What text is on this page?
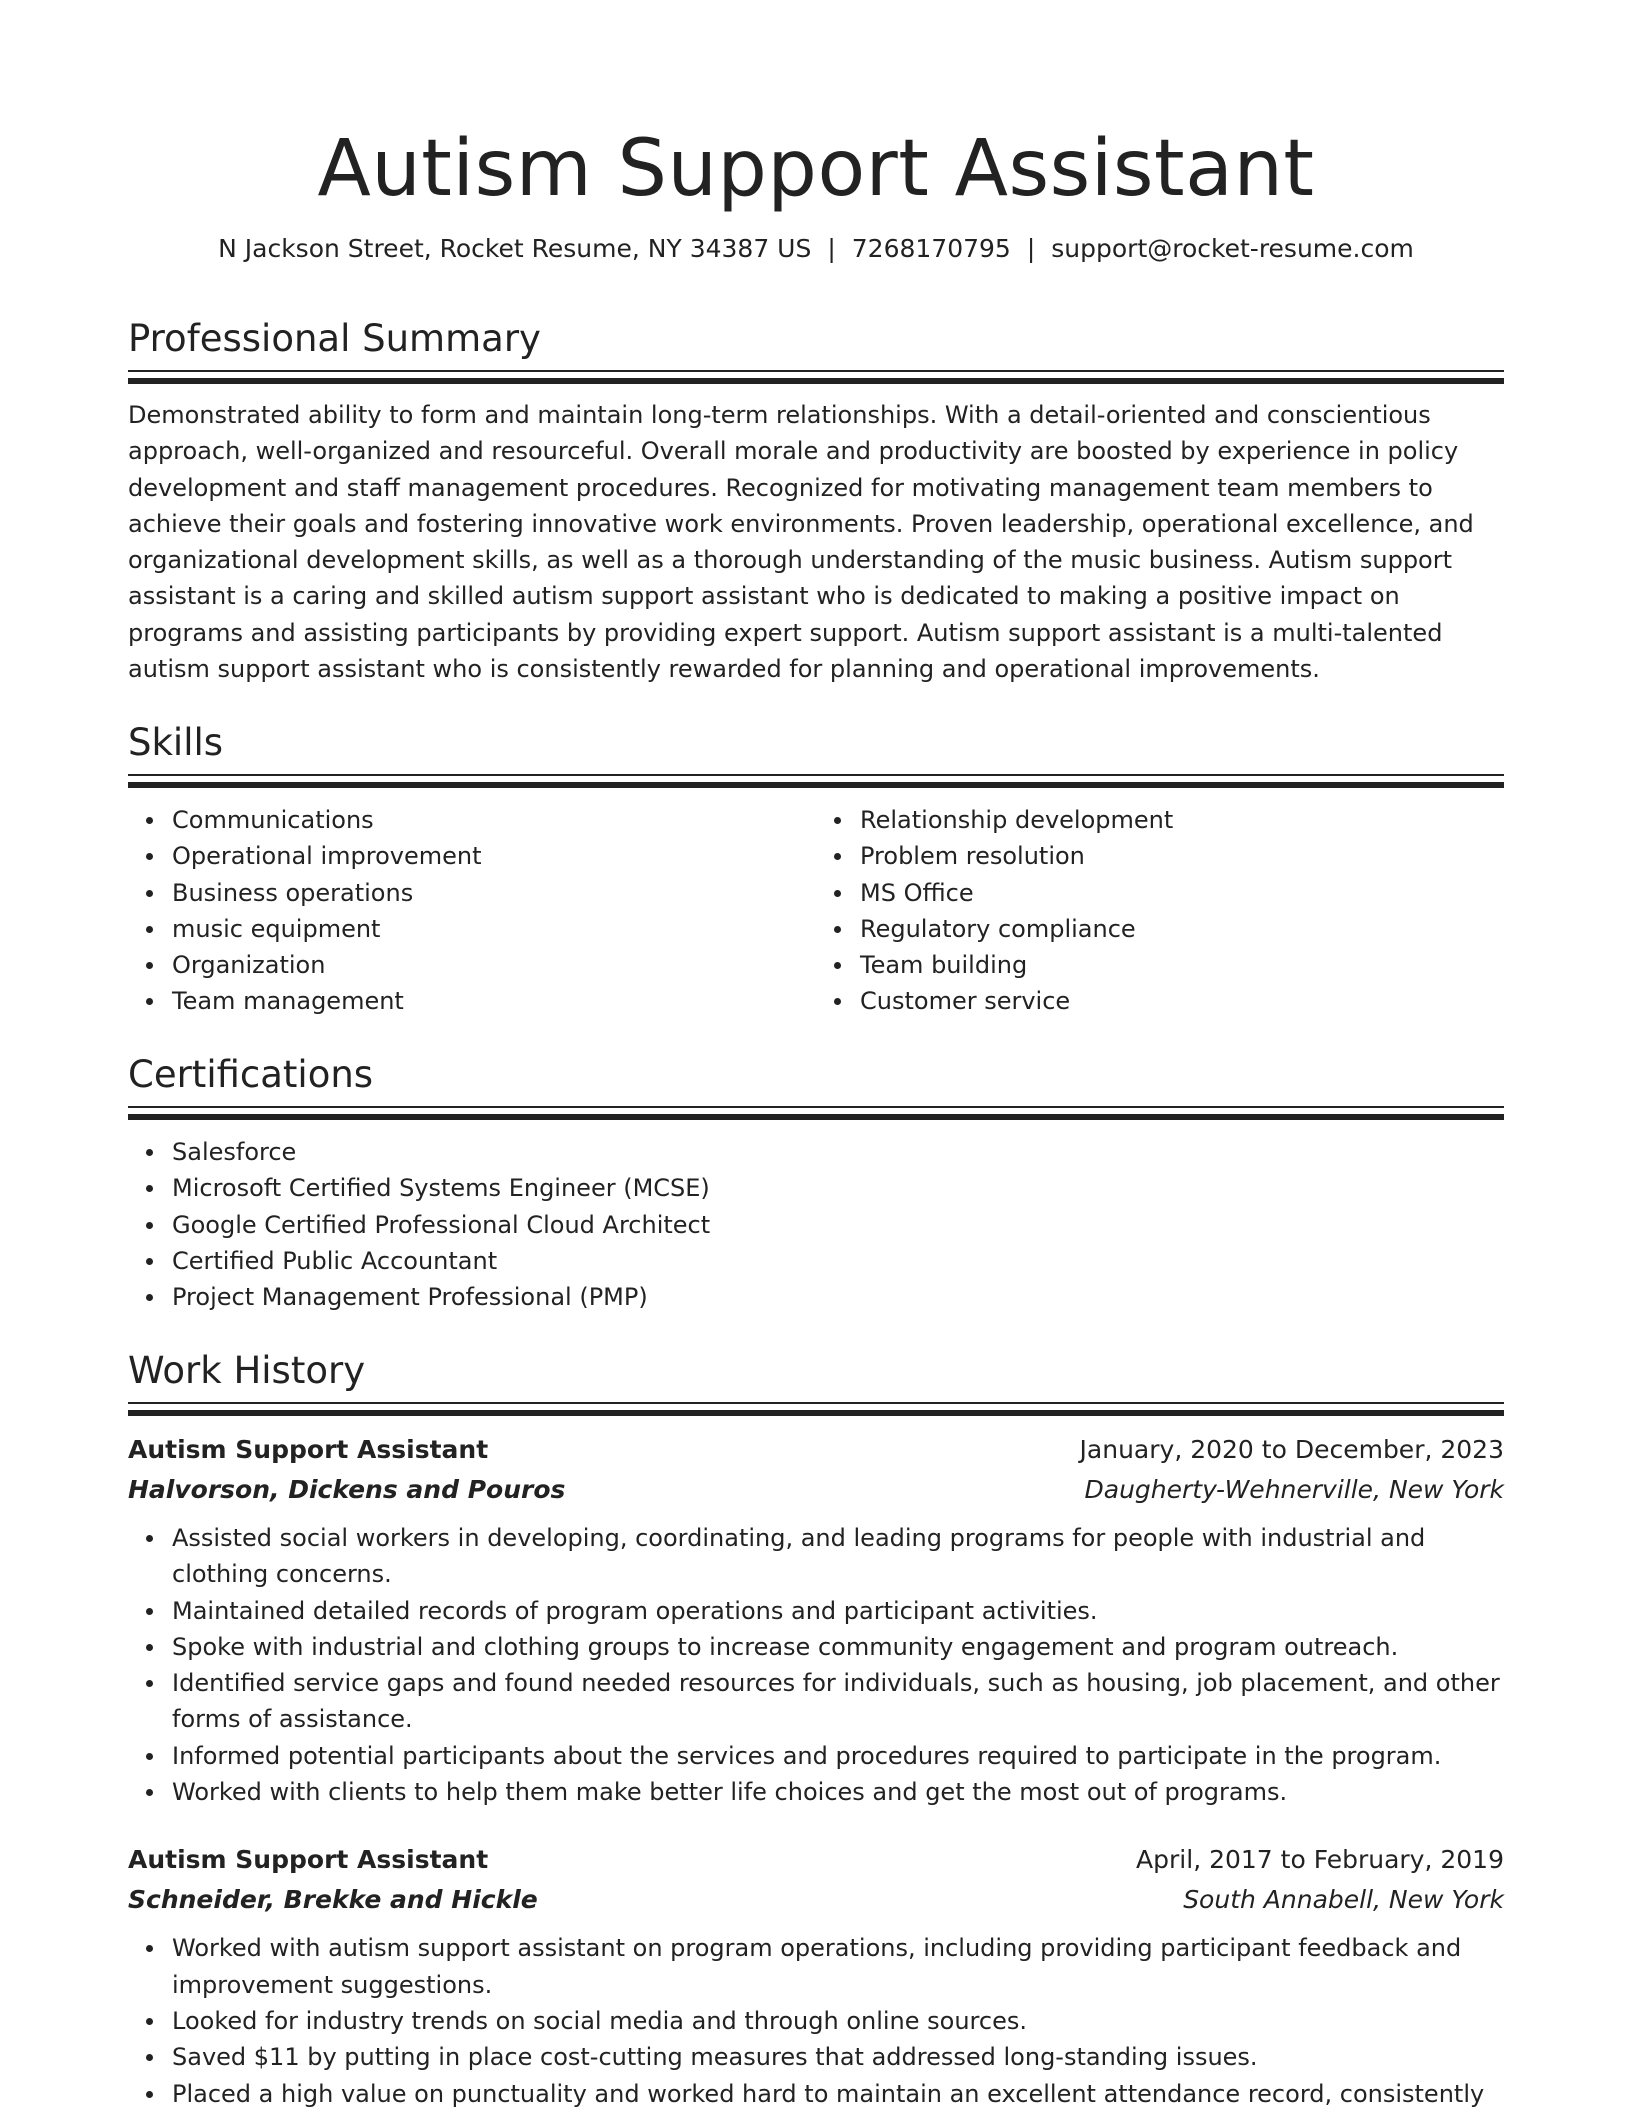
Autism Support Assistant
N Jackson Street, Rocket Resume, NY 34387 US | 7268170795 | support@rocket-resume.com
Professional Summary
Demonstrated ability to form and maintain long-term relationships. With a detail-oriented and conscientious approach, well-organized and resourceful. Overall morale and productivity are boosted by experience in policy development and staff management procedures. Recognized for motivating management team members to achieve their goals and fostering innovative work environments. Proven leadership, operational excellence, and organizational development skills, as well as a thorough understanding of the music business. Autism support assistant is a caring and skilled autism support assistant who is dedicated to making a positive impact on programs and assisting participants by providing expert support. Autism support assistant is a multi-talented autism support assistant who is consistently rewarded for planning and operational improvements.
Skills
Communications
Operational improvement
Business operations
music equipment
Organization
Team management
Relationship development
Problem resolution
MS Office
Regulatory compliance
Team building
Customer service
Certifications
Salesforce
Microsoft Certified Systems Engineer (MCSE)
Google Certified Professional Cloud Architect
Certified Public Accountant
Project Management Professional (PMP)
Work History
Autism Support Assistant	January, 2020 to December, 2023
Halvorson, Dickens and Pouros	Daugherty-Wehnerville, New York
Assisted social workers in developing, coordinating, and leading programs for people with industrial and clothing concerns.
Maintained detailed records of program operations and participant activities.
Spoke with industrial and clothing groups to increase community engagement and program outreach.
Identified service gaps and found needed resources for individuals, such as housing, job placement, and other forms of assistance.
Informed potential participants about the services and procedures required to participate in the program.
Worked with clients to help them make better life choices and get the most out of programs.
Autism Support Assistant	April, 2017 to February, 2019
Schneider, Brekke and Hickle	South Annabell, New York
Worked with autism support assistant on program operations, including providing participant feedback and improvement suggestions.
Looked for industry trends on social media and through online sources.
Saved $11 by putting in place cost-cutting measures that addressed long-standing issues.
Placed a high value on punctuality and worked hard to maintain an excellent attendance record, consistently
